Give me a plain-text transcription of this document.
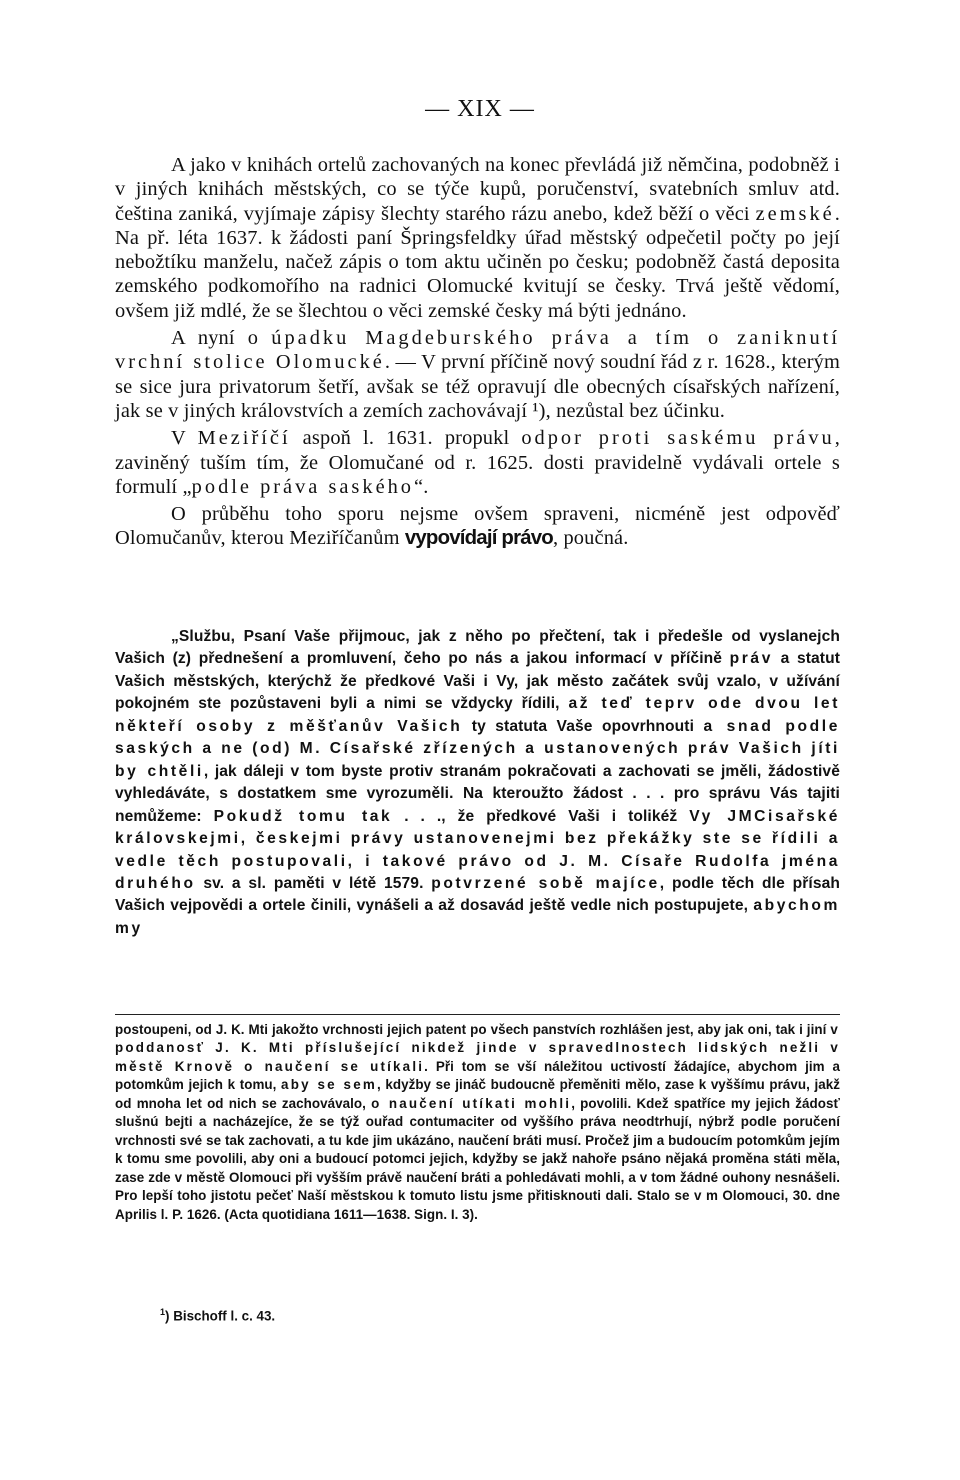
— XIX —

A jako v knihách ortelů zachovaných na konec převládá již němčina, podobněž i v jiných knihách městských, co se týče kupů, poručenství, svatebních smluv atd. čeština zaniká, vyjímaje zápisy šlechty starého rázu anebo, kdež běží o věci zemské. Na př. léta 1637. k žádosti paní Špringsfeldky úřad městský odpečetil počty po její nebožtíku manželu, načež zápis o tom aktu učiněn po česku; podobněž častá deposita zemského podkomořího na radnici Olomucké kvitují se česky. Trvá ještě vědomí, ovšem již mdlé, že se šlechtou o věci zemské česky má býti jednáno.

A nyní o úpadku Magdeburského práva a tím o zaniknutí vrchní stolice Olomucké. — V první příčině nový soudní řád z r. 1628., kterým se sice jura privatorum šetří, avšak se též opravují dle obecných císařských nařízení, jak se v jiných královstvích a zemích zachovávají ¹), nezůstal bez účinku.

V Meziříčí aspoň l. 1631. propukl odpor proti saskému právu, zaviněný tuším tím, že Olomučané od r. 1625. dosti pravidelně vydávali ortele s formulí „podle práva saského“.

O průběhu toho sporu nejsme ovšem spraveni, nicméně jest odpověď Olomučanův, kterou Meziříčanům vypovídají právo, poučná.

„Službu, Psaní Vaše přijmouc, jak z něho po přečtení, tak i předešle od vyslanejch Vašich (z) přednešení a promluvení, čeho po nás a jakou informací v příčině práv a statut Vašich městských, kterýchž že předkové Vaši i Vy, jak město začátek svůj vzalo, v užívání pokojném ste pozůstaveni byli a nimi se vždycky řídili, až teď teprv ode dvou let někteří osoby z měšťanův Vašich ty statuta Vaše opovrhnouti a snad podle saských a ne (od) M. Císařské zřízených a ustanovených práv Vašich jíti by chtěli, jak dáleji v tom byste protiv stranám pokračovati a zachovati se jměli, žádostivě vyhledáváte, s dostatkem sme vyrozuměli. Na kteroužto žádost . . . pro správu Vás tajiti nemůžeme: Pokudž tomu tak . . ., že předkové Vaši i tolikéž Vy JMCisařské královskejmi, českejmi právy ustanovenejmi bez překážky ste se řídili a vedle těch postupovali, i takové právo od J. M. Císaře Rudolfa jména druhého sv. a sl. paměti v létě 1579. potvrzené sobě majíce, podle těch dle přísah Vašich vejpovědi a ortele činili, vynášeli a až dosavád ještě vedle nich postupujete, abychom my

postoupeni, od J. K. Mti jakožto vrchnosti jejich patent po všech panstvích rozhlášen jest, aby jak oni, tak i jiní v poddanosť J. K. Mti příslušející nikdež jinde v spravedlnostech lidských nežli v městě Krnově o naučení se utíkali. Při tom se vší náležitou uctivostí žádajíce, abychom jim a potomkům jejich k tomu, aby se sem, kdyžby se jináč budoucně přeměniti mělo, zase k vyššímu právu, jakž od mnoha let od nich se zachovávalo, o naučení utíkati mohli, povolili. Kdež spatříce my jejich žádosť slušnú bejti a nacházejíce, že se týž ouřad contumaciter od vyššího práva neodtrhují, nýbrž podle poručení vrchnosti své se tak zachovati, a tu kde jim ukázáno, naučení bráti musí. Pročež jim a budoucím potomkům jejím k tomu sme povolili, aby oni a budoucí potomci jejich, kdyžby se jakž nahoře psáno nějaká proměna státi měla, zase zde v městě Olomouci při vyšším právě naučení bráti a pohledávati mohli, a v tom žádné ouhony nesnášeli. Pro lepší toho jistotu pečeť Naší městskou k tomuto listu jsme přitisknouti dali. Stalo se v m Olomouci, 30. dne Aprilis l. P. 1626. (Acta quotidiana 1611—1638. Sign. I. 3).

$^1$) Bischoff l. c. 43.
